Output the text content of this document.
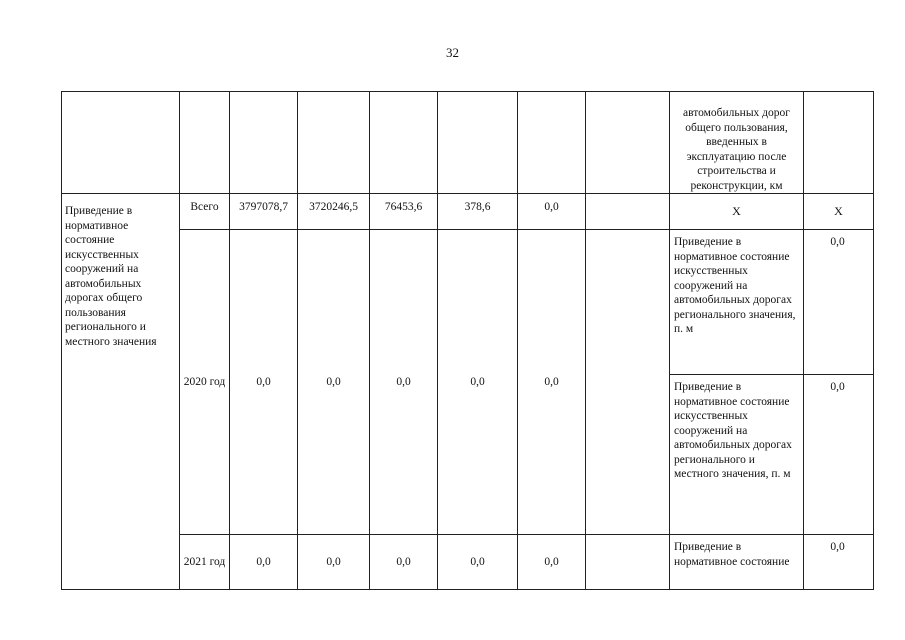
32
								автомобильных дорог общего пользования, введенных в эксплуатацию после строительства и реконструкции, км	
Приведение в нормативное состояние искусственных сооружений на автомобильных дорогах общего пользования регионального и местного значения	Всего	3797078,7	3720246,5	76453,6	378,6	0,0		Х	Х
	2020 год	0,0	0,0	0,0	0,0	0,0		Приведение в нормативное состояние искусственных сооружений на автомобильных дорогах регионального значения, п. м	0,0
								Приведение в нормативное состояние искусственных сооружений на автомобильных дорогах регионального и местного значения, п. м	0,0
	2021 год	0,0	0,0	0,0	0,0	0,0		Приведение в нормативное состояние	0,0
